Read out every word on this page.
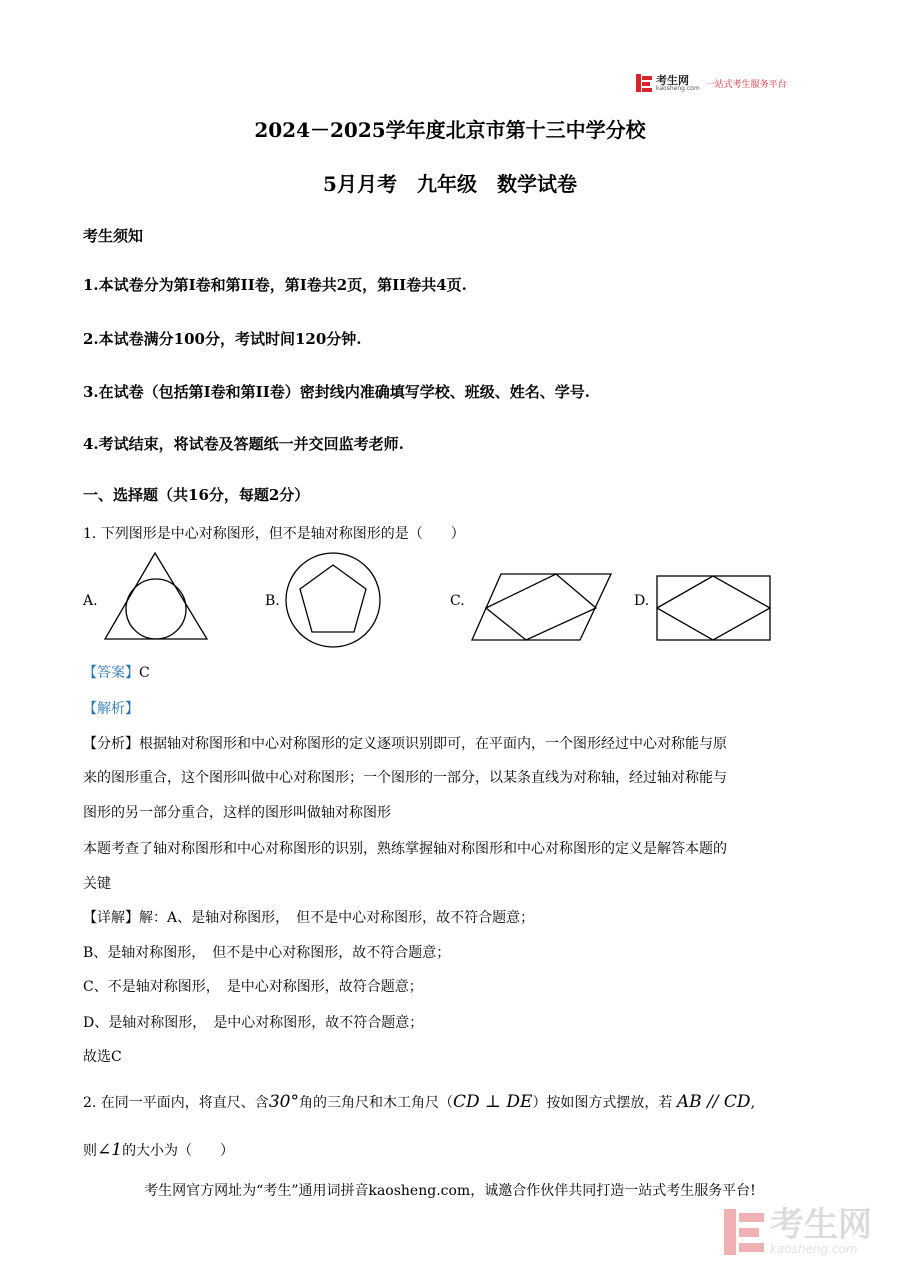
考生网
kaosheng.com 一站式考生服务平台
2024－2025学年度北京市第十三中学分校
5月月考　九年级　数学试卷
考生须知
1.本试卷分为第I卷和第II卷，第I卷共2页，第II卷共4页.
2.本试卷满分100分，考试时间120分钟.
3.在试卷（包括第I卷和第II卷）密封线内准确填写学校、班级、姓名、学号.
4.考试结束，将试卷及答题纸一并交回监考老师.
一、选择题（共16分，每题2分）
1. 下列图形是中心对称图形，但不是轴对称图形的是（　　）
A.	B.	C.	D.
【答案】C
【解析】
【分析】根据轴对称图形和中心对称图形的定义逐项识别即可，在平面内，一个图形经过中心对称能与原
来的图形重合，这个图形叫做中心对称图形；一个图形的一部分，以某条直线为对称轴，经过轴对称能与
图形的另一部分重合，这样的图形叫做轴对称图形
本题考查了轴对称图形和中心对称图形的识别，熟练掌握轴对称图形和中心对称图形的定义是解答本题的
关键
【详解】解：A、是轴对称图形，　但不是中心对称图形，故不符合题意；
B、是轴对称图形，　但不是中心对称图形，故不符合题意；
C、不是轴对称图形，　是中心对称图形，故符合题意；
D、是轴对称图形，　是中心对称图形，故不符合题意；
故选C
2. 在同一平面内，将直尺、含30°角的三角尺和木工角尺（CD ⊥ DE）按如图方式摆放，若 AB // CD,
则∠1的大小为（　　）
考生网官方网址为“考生”通用词拼音kaosheng.com，诚邀合作伙伴共同打造一站式考生服务平台!
考生网
kaosheng.com
